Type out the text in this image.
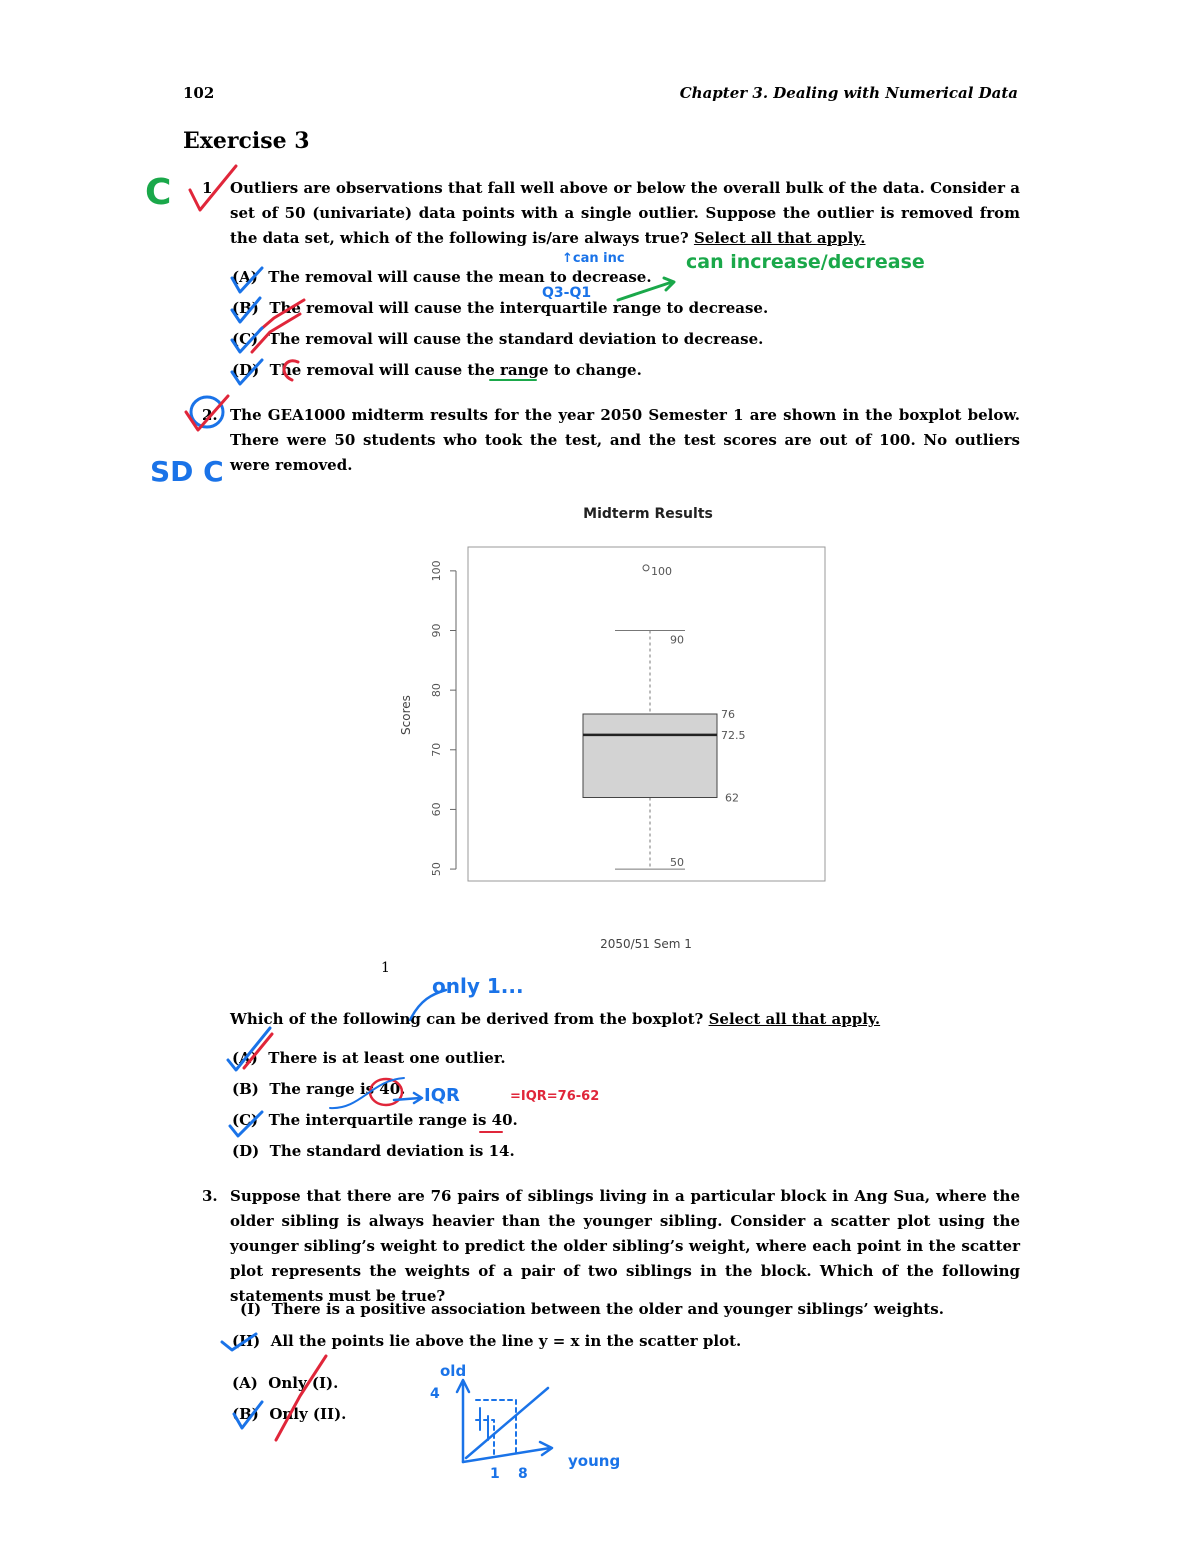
102	Chapter 3. Dealing with Numerical Data
Exercise 3
1. Outliers are observations that fall well above or below the overall bulk of the data. Consider a set of 50 (univariate) data points with a single outlier. Suppose the outlier is removed from the data set, which of the following is/are always true? Select all that apply.
(A) The removal will cause the mean to decrease.
(B) The removal will cause the interquartile range to decrease.
(C) The removal will cause the standard deviation to decrease.
(D) The removal will cause the range to change.
2. The GEA1000 midterm results for the year 2050 Semester 1 are shown in the boxplot below. There were 50 students who took the test, and the test scores are out of 100. No outliers were removed.
Midterm Results
Scores
2050/51 Sem 1
50
60
70
80
90
100	100
90
76
72.5
62
50
1
Which of the following can be derived from the boxplot? Select all that apply.
(A) There is at least one outlier.
(B) The range is 40.
(C) The interquartile range is 40.
(D) The standard deviation is 14.
3. Suppose that there are 76 pairs of siblings living in a particular block in Ang Sua, where the older sibling is always heavier than the younger sibling. Consider a scatter plot using the younger sibling’s weight to predict the older sibling’s weight, where each point in the scatter plot represents the weights of a pair of two siblings in the block. Which of the following statements must be true?
(I) There is a positive association between the older and younger siblings’ weights.
(II) All the points lie above the line y = x in the scatter plot.
(A) Only (I).
(B) Only (II).
C
SD C
↑can inc
Q3-Q1
can increase/decrease
only 1...
IQR	=IQR=76-62
old
young
4
1 8
